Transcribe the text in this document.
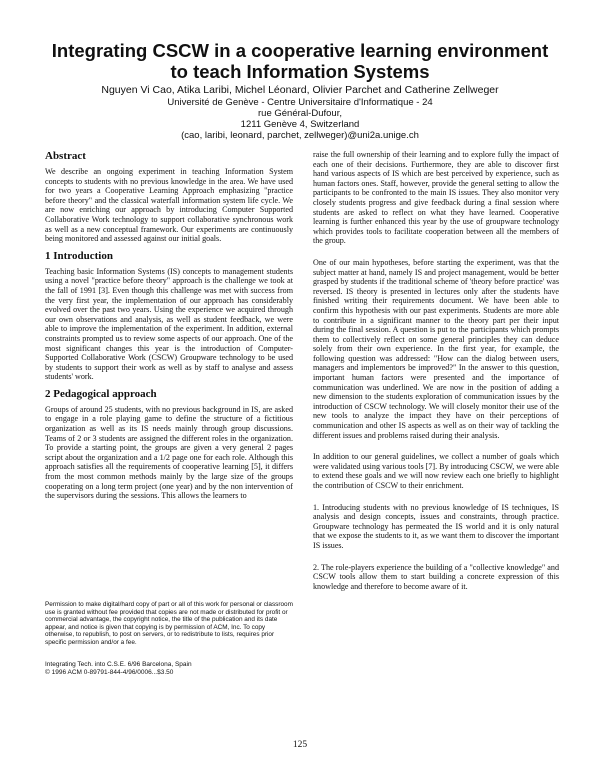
Integrating CSCW in a cooperative learning environment
to teach Information Systems
Nguyen Vi Cao, Atika Laribi, Michel Léonard, Olivier Parchet and Catherine Zellweger
Université de Genève - Centre Universitaire d'Informatique - 24
rue Général-Dufour,
1211 Genève 4, Switzerland
(cao, laribi, leonard, parchet, zellweger)@uni2a.unige.ch
Abstract

We describe an ongoing experiment in teaching Information System concepts to students with no previous knowledge in the area. We have used for two years a Cooperative Learning Approach emphasizing "practice before theory" and the classical waterfall information system life cycle. We are now enriching our approach by introducing Computer Supported Collaborative Work technology to support collaborative synchronous work as well as a new conceptual framework. Our experiments are continuously being monitored and assessed against our initial goals.

1 Introduction

Teaching basic Information Systems (IS) concepts to management students using a novel "practice before theory" approach is the challenge we took at the fall of 1991 [3]. Even though this challenge was met with success from the very first year, the implementation of our approach has considerably evolved over the past two years. Using the experience we acquired through our own observations and analysis, as well as student feedback, we were able to improve the implementation of the experiment. In addition, external constraints prompted us to review some aspects of our approach. One of the most significant changes this year is the introduction of Computer-Supported Collaborative Work (CSCW) Groupware technology to be used by students to support their work as well as by staff to analyse and assess students' work.

2 Pedagogical approach

Groups of around 25 students, with no previous background in IS, are asked to engage in a role playing game to define the structure of a fictitious organization as well as its IS needs mainly through group discussions. Teams of 2 or 3 students are assigned the different roles in the organization. To provide a starting point, the groups are given a very general 2 pages script about the organization and a 1/2 page one for each role. Although this approach satisfies all the requirements of cooperative learning [5], it differs from the most common methods mainly by the large size of the groups cooperating on a long term project (one year) and by the non intervention of the supervisors during the sessions. This allows the learners to

raise the full ownership of their learning and to explore fully the impact of each one of their decisions. Furthermore, they are able to discover first hand various aspects of IS which are best perceived by experience, such as human factors ones. Staff, however, provide the general setting to allow the participants to be confronted to the main IS issues. They also monitor very closely students progress and give feedback during a final session where students are asked to reflect on what they have learned. Cooperative learning is further enhanced this year by the use of groupware technology which provides tools to facilitate cooperation between all the members of the group.

One of our main hypotheses, before starting the experiment, was that the subject matter at hand, namely IS and project management, would be better grasped by students if the traditional scheme of 'theory before practice' was reversed. IS theory is presented in lectures only after the students have finished writing their requirements document. We have been able to confirm this hypothesis with our past experiments. Students are more able to contribute in a significant manner to the theory part per their input during the final session. A question is put to the participants which prompts them to collectively reflect on some general principles they can deduce solely from their own experience. In the first year, for example, the following question was addressed: "How can the dialog between users, managers and implementors be improved?" In the answer to this question, important human factors were presented and the importance of communication was underlined. We are now in the position of adding a new dimension to the students exploration of communication issues by the introduction of CSCW technology. We will closely monitor their use of the new tools to analyze the impact they have on their perceptions of communication and other IS aspects as well as on their way of tackling the different issues and problems raised during their analysis.

In addition to our general guidelines, we collect a number of goals which were validated using various tools [7]. By introducing CSCW, we were able to extend these goals and we will now review each one briefly to highlight the contribution of CSCW to their enrichment.

1. Introducing students with no previous knowledge of IS techniques, IS analysis and design concepts, issues and constraints, through practice. Groupware technology has permeated the IS world and it is only natural that we expose the students to it, as we want them to discover the important IS issues.

2. The role-players experience the building of a "collective knowledge" and CSCW tools allow them to start building a concrete expression of this knowledge and therefore to become aware of it.

Permission to make digital/hard copy of part or all of this work for personal or classroom use is granted without fee provided that copies are not made or distributed for profit or commercial advantage, the copyright notice, the title of the publication and its date appear, and notice is given that copying is by permission of ACM, Inc. To copy otherwise, to republish, to post on servers, or to redistribute to lists, requires prior specific permission and/or a fee.

Integrating Tech. into C.S.E. 6/96 Barcelona, Spain
© 1996 ACM 0-89791-844-4/96/0006...$3.50
125
